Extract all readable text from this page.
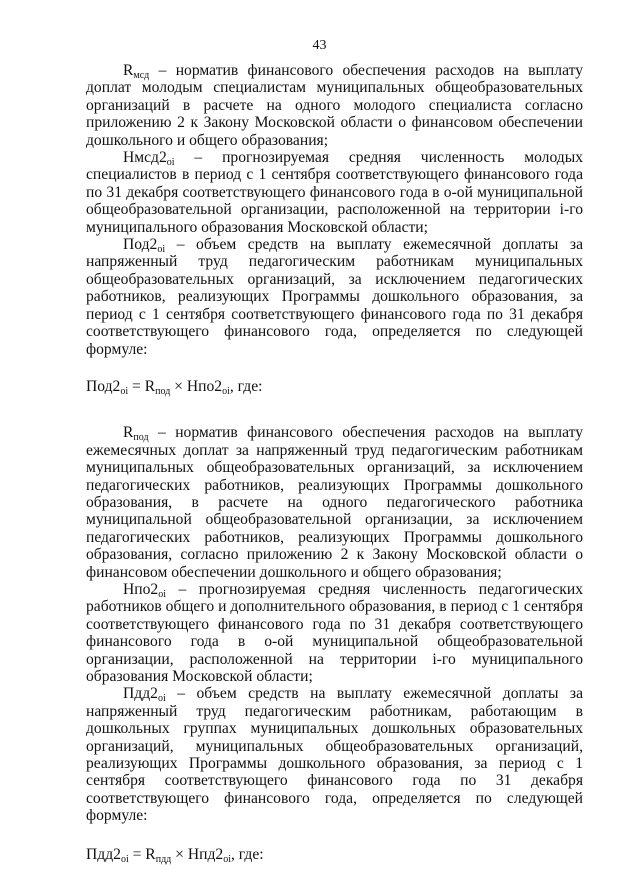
43

$R_{мсд}$ – норматив финансового обеспечения расходов на выплату доплат молодым специалистам муниципальных общеобразовательных организаций в расчете на одного молодого специалиста согласно приложению 2 к Закону Московской области о финансовом обеспечении дошкольного и общего образования;

$Нмсд2_{oi}$ – прогнозируемая средняя численность молодых специалистов в период с 1 сентября соответствующего финансового года по 31 декабря соответствующего финансового года в о-ой муниципальной общеобразовательной организации, расположенной на территории i-го муниципального образования Московской области;

$Под2_{oi}$ – объем средств на выплату ежемесячной доплаты за напряженный труд педагогическим работникам муниципальных общеобразовательных организаций, за исключением педагогических работников, реализующих Программы дошкольного образования, за период с 1 сентября соответствующего финансового года по 31 декабря соответствующего финансового года, определяется по следующей формуле:

$Под2_{oi} = R_{под} \times Нпо2_{oi}$, где:

$R_{под}$ – норматив финансового обеспечения расходов на выплату ежемесячных доплат за напряженный труд педагогическим работникам муниципальных общеобразовательных организаций, за исключением педагогических работников, реализующих Программы дошкольного образования, в расчете на одного педагогического работника муниципальной общеобразовательной организации, за исключением педагогических работников, реализующих Программы дошкольного образования, согласно приложению 2 к Закону Московской области о финансовом обеспечении дошкольного и общего образования;

$Нпо2_{oi}$ – прогнозируемая средняя численность педагогических работников общего и дополнительного образования, в период с 1 сентября соответствующего финансового года по 31 декабря соответствующего финансового года в о-ой муниципальной общеобразовательной организации, расположенной на территории i-го муниципального образования Московской области;

$Пдд2_{oi}$ – объем средств на выплату ежемесячной доплаты за напряженный труд педагогическим работникам, работающим в дошкольных группах муниципальных дошкольных образовательных организаций, муниципальных общеобразовательных организаций, реализующих Программы дошкольного образования, за период с 1 сентября соответствующего финансового года по 31 декабря соответствующего финансового года, определяется по следующей формуле:

$Пдд2_{oi} = R_{пдд} \times Нпд2_{oi}$, где:
